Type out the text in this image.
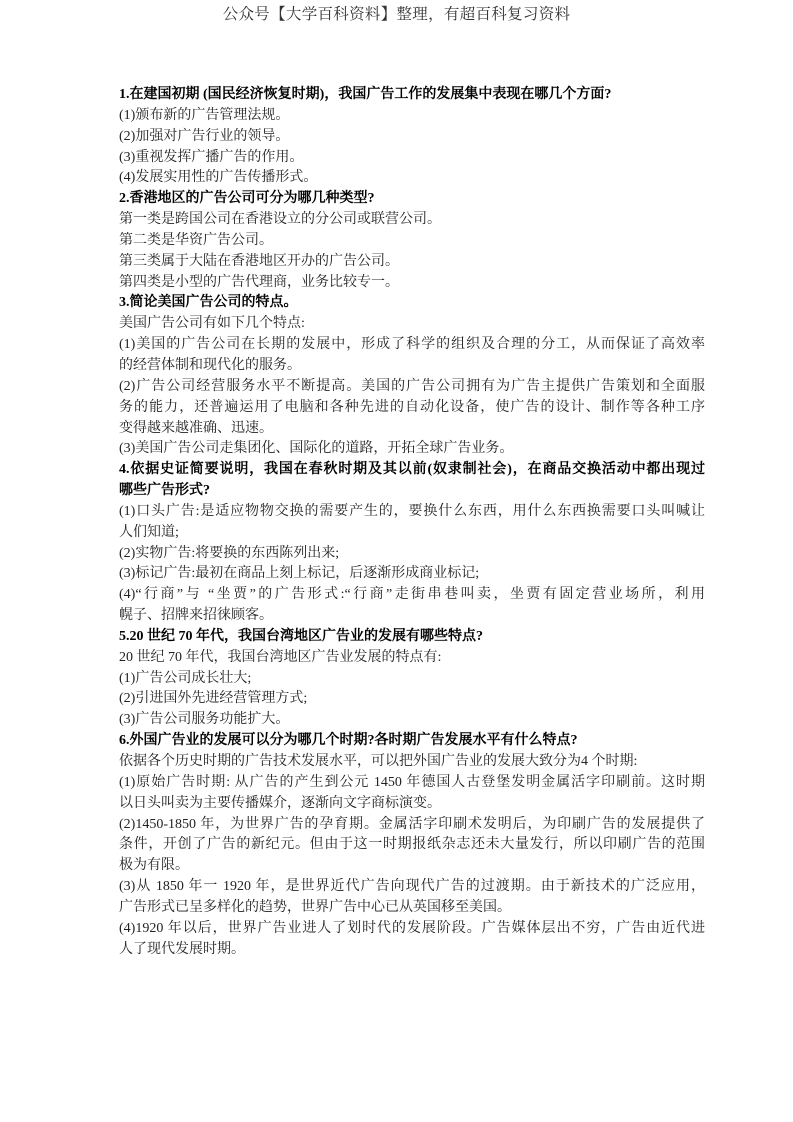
公众号【大学百科资料】整理，有超百科复习资料
1.在建国初期 (国民经济恢复时期)，我国广告工作的发展集中表现在哪几个方面?
(1)颁布新的广告管理法规。
(2)加强对广告行业的领导。
(3)重视发挥广播广告的作用。
(4)发展实用性的广告传播形式。
2.香港地区的广告公司可分为哪几种类型?
第一类是跨国公司在香港设立的分公司或联营公司。
第二类是华资广告公司。
第三类属于大陆在香港地区开办的广告公司。
第四类是小型的广告代理商，业务比较专一。
3.简论美国广告公司的特点。
美国广告公司有如下几个特点:
(1)美国的广告公司在长期的发展中，形成了科学的组织及合理的分工，从而保证了高效率
的经营体制和现代化的服务。
(2)广告公司经营服务水平不断提高。美国的广告公司拥有为广告主提供广告策划和全面服
务的能力，还普遍运用了电脑和各种先进的自动化设备，使广告的设计、制作等各种工序
变得越来越准确、迅速。
(3)美国广告公司走集团化、国际化的道路，开拓全球广告业务。
4.依据史证简要说明，我国在春秋时期及其以前(奴隶制社会)，在商品交换活动中都出现过
哪些广告形式?
(1)口头广告:是适应物物交换的需要产生的，要换什么东西，用什么东西换需要口头叫喊让
人们知道;
(2)实物广告:将要换的东西陈列出来;
(3)标记广告:最初在商品上刻上标记，后逐渐形成商业标记;
(4)“行商”与 “坐贾”的广告形式:“行商”走街串巷叫卖，坐贾有固定营业场所，利用
幌子、招牌来招徕顾客。
5.20 世纪 70 年代，我国台湾地区广告业的发展有哪些特点?
20 世纪 70 年代，我国台湾地区广告业发展的特点有:
(1)广告公司成长壮大;
(2)引进国外先进经营管理方式;
(3)广告公司服务功能扩大。
6.外国广告业的发展可以分为哪几个时期?各时期广告发展水平有什么特点?
依据各个历史时期的广告技术发展水平，可以把外国广告业的发展大致分为4 个时期:
(1)原始广告时期: 从广告的产生到公元 1450 年德国人古登堡发明金属活字印刷前。这时期
以日头叫卖为主要传播媒介，逐渐向文字商标演变。
(2)1450-1850 年，为世界广告的孕育期。金属活字印刷术发明后，为印刷广告的发展提供了
条件，开创了广告的新纪元。但由于这一时期报纸杂志还未大量发行，所以印刷广告的范围
极为有限。
(3)从 1850 年一 1920 年，是世界近代广告向现代广告的过渡期。由于新技术的广泛应用，
广告形式已呈多样化的趋势，世界广告中心已从英国移至美国。
(4)1920 年以后，世界广告业进人了划时代的发展阶段。广告媒体层出不穷，广告由近代进
人了现代发展时期。
